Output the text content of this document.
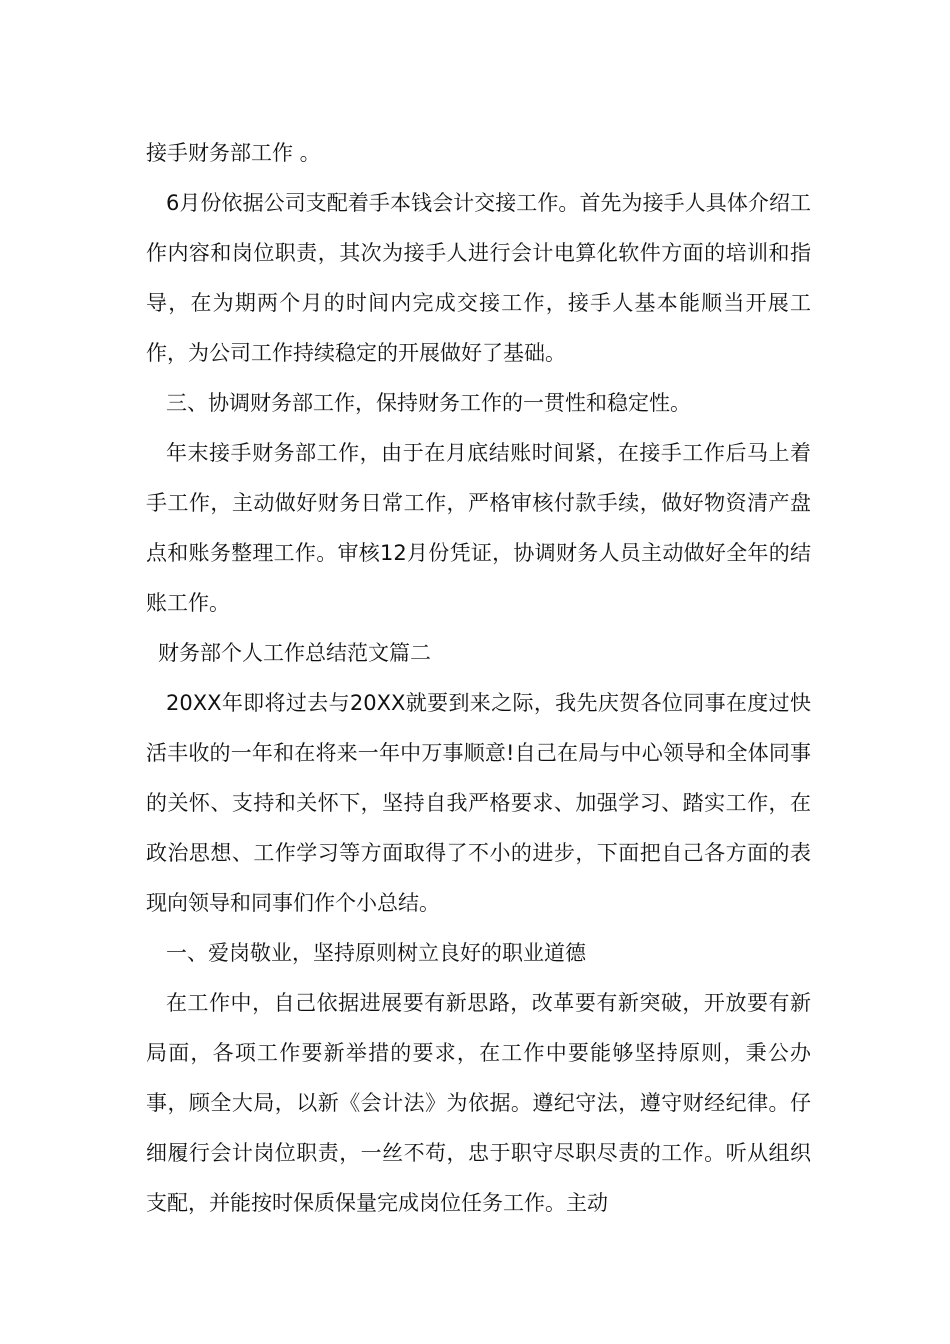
接手财务部工作 。

6月份依据公司支配着手本钱会计交接工作。首先为接手人具体介绍工作内容和岗位职责，其次为接手人进行会计电算化软件方面的培训和指导，在为期两个月的时间内完成交接工作，接手人基本能顺当开展工作，为公司工作持续稳定的开展做好了基础。

三、协调财务部工作，保持财务工作的一贯性和稳定性。

年末接手财务部工作，由于在月底结账时间紧，在接手工作后马上着手工作，主动做好财务日常工作，严格审核付款手续，做好物资清产盘点和账务整理工作。审核12月份凭证，协调财务人员主动做好全年的结账工作。

财务部个人工作总结范文篇二

20XX年即将过去与20XX就要到来之际，我先庆贺各位同事在度过快活丰收的一年和在将来一年中万事顺意!自己在局与中心领导和全体同事的关怀、支持和关怀下，坚持自我严格要求、加强学习、踏实工作，在政治思想、工作学习等方面取得了不小的进步，下面把自己各方面的表现向领导和同事们作个小总结。

一、爱岗敬业，坚持原则树立良好的职业道德

在工作中，自己依据进展要有新思路，改革要有新突破，开放要有新局面，各项工作要新举措的要求，在工作中要能够坚持原则，秉公办事，顾全大局，以新《会计法》为依据。遵纪守法，遵守财经纪律。仔细履行会计岗位职责，一丝不苟，忠于职守尽职尽责的工作。听从组织支配，并能按时保质保量完成岗位任务工作。主动
